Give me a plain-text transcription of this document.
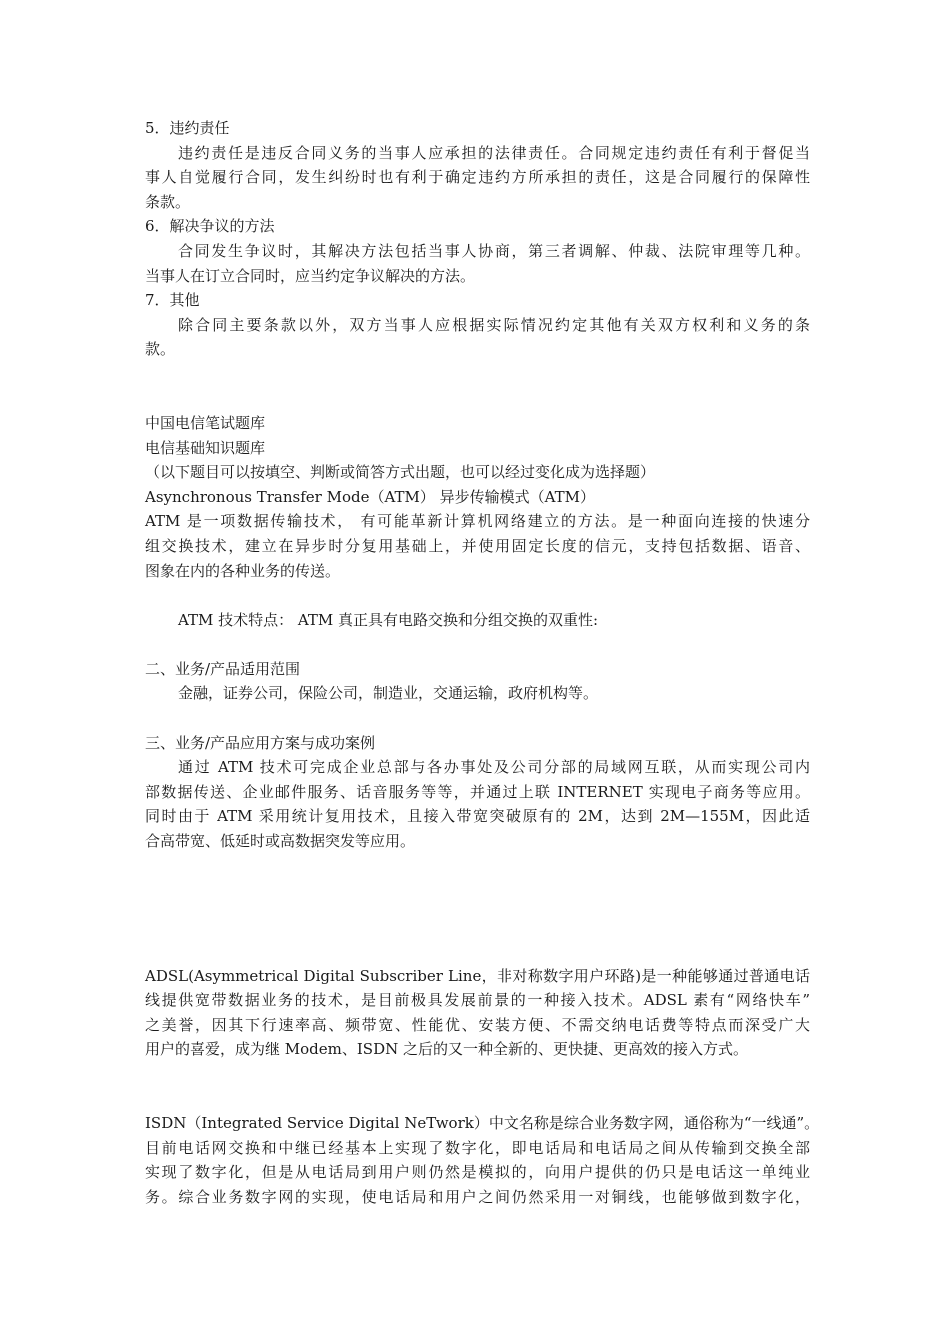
5．违约责任
违约责任是违反合同义务的当事人应承担的法律责任。合同规定违约责任有利于督促当
事人自觉履行合同，发生纠纷时也有利于确定违约方所承担的责任，这是合同履行的保障性
条款。
6．解决争议的方法
合同发生争议时，其解决方法包括当事人协商，第三者调解、仲裁、法院审理等几种。
当事人在订立合同时，应当约定争议解决的方法。
7．其他
除合同主要条款以外，双方当事人应根据实际情况约定其他有关双方权利和义务的条
款。
中国电信笔试题库
电信基础知识题库
（以下题目可以按填空、判断或简答方式出题，也可以经过变化成为选择题）
Asynchronous Transfer Mode（ATM） 异步传输模式（ATM）
ATM 是一项数据传输技术， 有可能革新计算机网络建立的方法。是一种面向连接的快速分
组交换技术，建立在异步时分复用基础上，并使用固定长度的信元，支持包括数据、语音、
图象在内的各种业务的传送。
ATM 技术特点： ATM 真正具有电路交换和分组交换的双重性:
二、业务/产品适用范围
金融，证券公司，保险公司，制造业，交通运输，政府机构等。
三、业务/产品应用方案与成功案例
通过 ATM 技术可完成企业总部与各办事处及公司分部的局域网互联，从而实现公司内
部数据传送、企业邮件服务、话音服务等等，并通过上联 INTERNET 实现电子商务等应用。
同时由于 ATM 采用统计复用技术，且接入带宽突破原有的 2M，达到 2M—155M，因此适
合高带宽、低延时或高数据突发等应用。
ADSL(Asymmetrical Digital Subscriber Line，非对称数字用户环路)是一种能够通过普通电话
线提供宽带数据业务的技术，是目前极具发展前景的一种接入技术。ADSL 素有“网络快车”
之美誉，因其下行速率高、频带宽、性能优、安装方便、不需交纳电话费等特点而深受广大
用户的喜爱，成为继 Modem、ISDN 之后的又一种全新的、更快捷、更高效的接入方式。
ISDN（Integrated Service Digital NeTwork）中文名称是综合业务数字网，通俗称为“一线通”。
目前电话网交换和中继已经基本上实现了数字化，即电话局和电话局之间从传输到交换全部
实现了数字化，但是从电话局到用户则仍然是模拟的，向用户提供的仍只是电话这一单纯业
务。综合业务数字网的实现，使电话局和用户之间仍然采用一对铜线，也能够做到数字化，
